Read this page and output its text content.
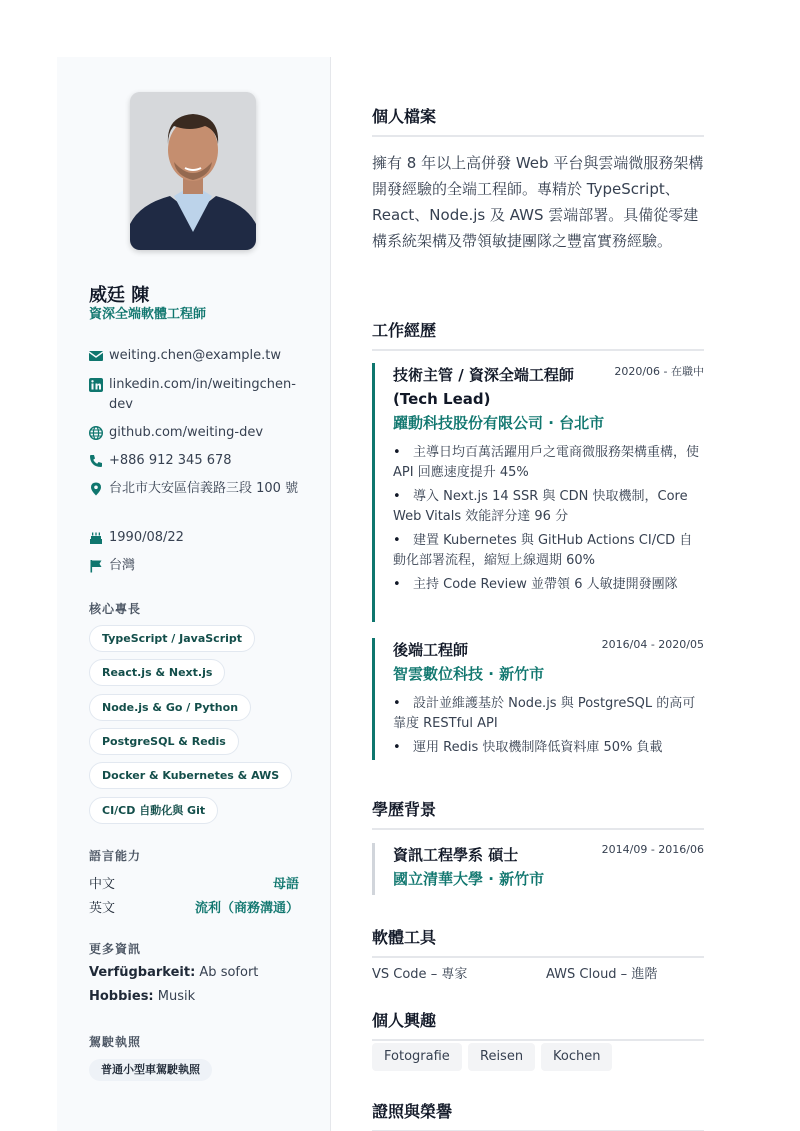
威廷 陳
資深全端軟體工程師
weiting.chen@example.tw
linkedin.com/in/weitingchen-dev
github.com/weiting-dev
+886 912 345 678
台北市大安區信義路三段 100 號
1990/08/22
台灣
核心專長
TypeScript / JavaScript
React.js & Next.js
Node.js & Go / Python
PostgreSQL & Redis
Docker & Kubernetes & AWS
CI/CD 自動化與 Git
語言能力
中文	母語
英文	流利（商務溝通）
更多資訊
Verfügbarkeit: Ab sofort
Hobbies: Musik
駕駛執照
普通小型車駕駛執照
個人檔案
擁有 8 年以上高併發 Web 平台與雲端微服務架構開發經驗的全端工程師。專精於 TypeScript、React、Node.js 及 AWS 雲端部署。具備從零建構系統架構及帶領敏捷團隊之豐富實務經驗。
工作經歷
2020/06 - 在職中
技術主管 / 資深全端工程師 (Tech Lead)
躍動科技股份有限公司 · 台北市
• 主導日均百萬活躍用戶之電商微服務架構重構，使 API 回應速度提升 45%
• 導入 Next.js 14 SSR 與 CDN 快取機制，Core Web Vitals 效能評分達 96 分
• 建置 Kubernetes 與 GitHub Actions CI/CD 自動化部署流程，縮短上線週期 60%
• 主持 Code Review 並帶領 6 人敏捷開發團隊
2016/04 - 2020/05
後端工程師
智雲數位科技 · 新竹市
• 設計並維護基於 Node.js 與 PostgreSQL 的高可靠度 RESTful API
• 運用 Redis 快取機制降低資料庫 50% 負載
學歷背景
2014/09 - 2016/06
資訊工程學系 碩士
國立清華大學 · 新竹市
軟體工具
VS Code – 專家	AWS Cloud – 進階
個人興趣
Fotografie	Reisen	Kochen
證照與榮譽
